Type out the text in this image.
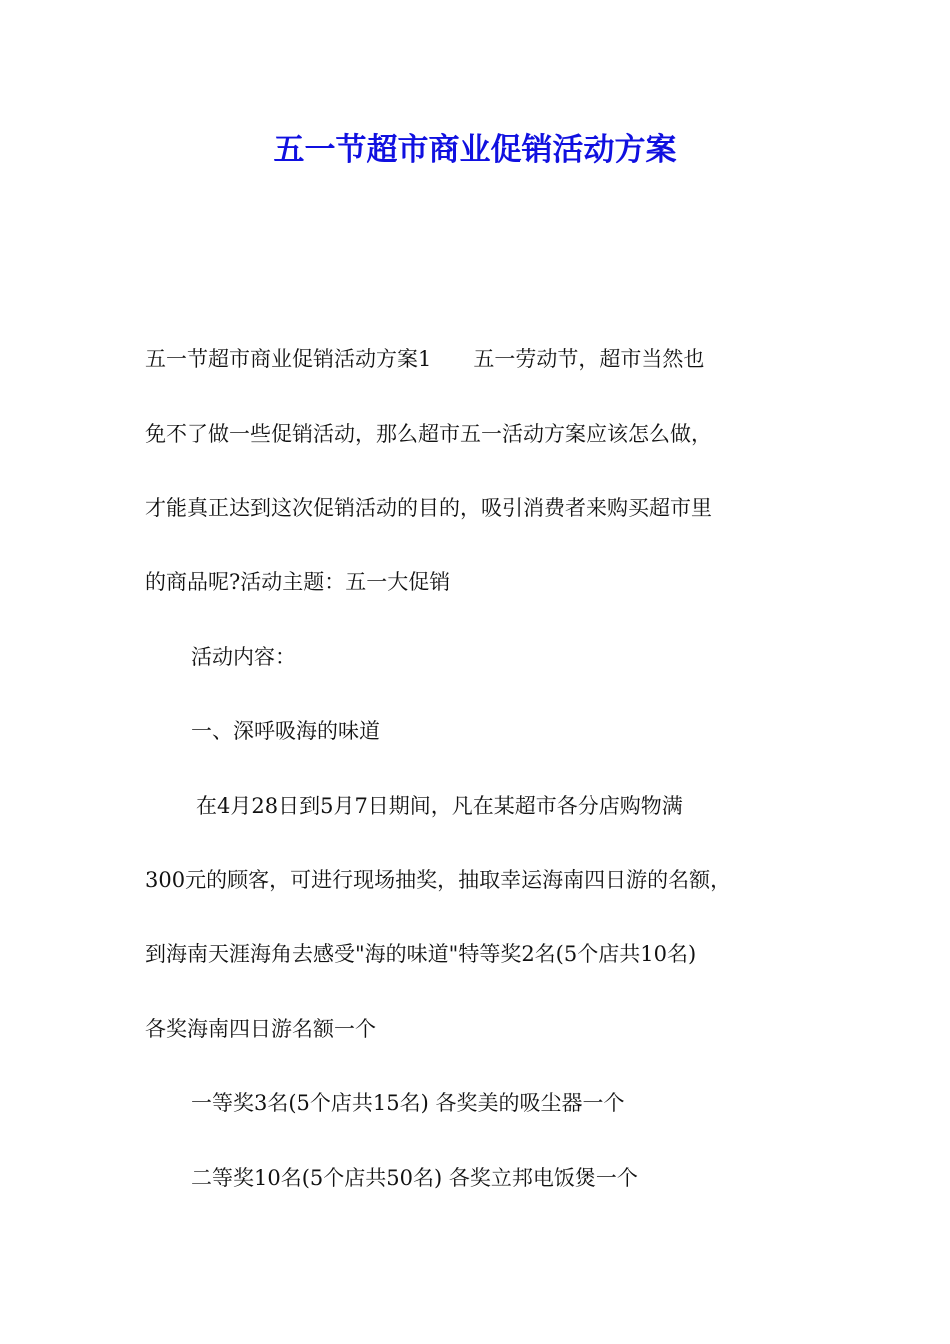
五一节超市商业促销活动方案
五一节超市商业促销活动方案1　　五一劳动节，超市当然也
免不了做一些促销活动，那么超市五一活动方案应该怎么做，
才能真正达到这次促销活动的目的，吸引消费者来购买超市里
的商品呢?活动主题：五一大促销
活动内容：
一、深呼吸海的味道
在4月28日到5月7日期间，凡在某超市各分店购物满
300元的顾客，可进行现场抽奖，抽取幸运海南四日游的名额，
到海南天涯海角去感受"海的味道"特等奖2名(5个店共10名)
各奖海南四日游名额一个
一等奖3名(5个店共15名) 各奖美的吸尘器一个
二等奖10名(5个店共50名) 各奖立邦电饭煲一个
